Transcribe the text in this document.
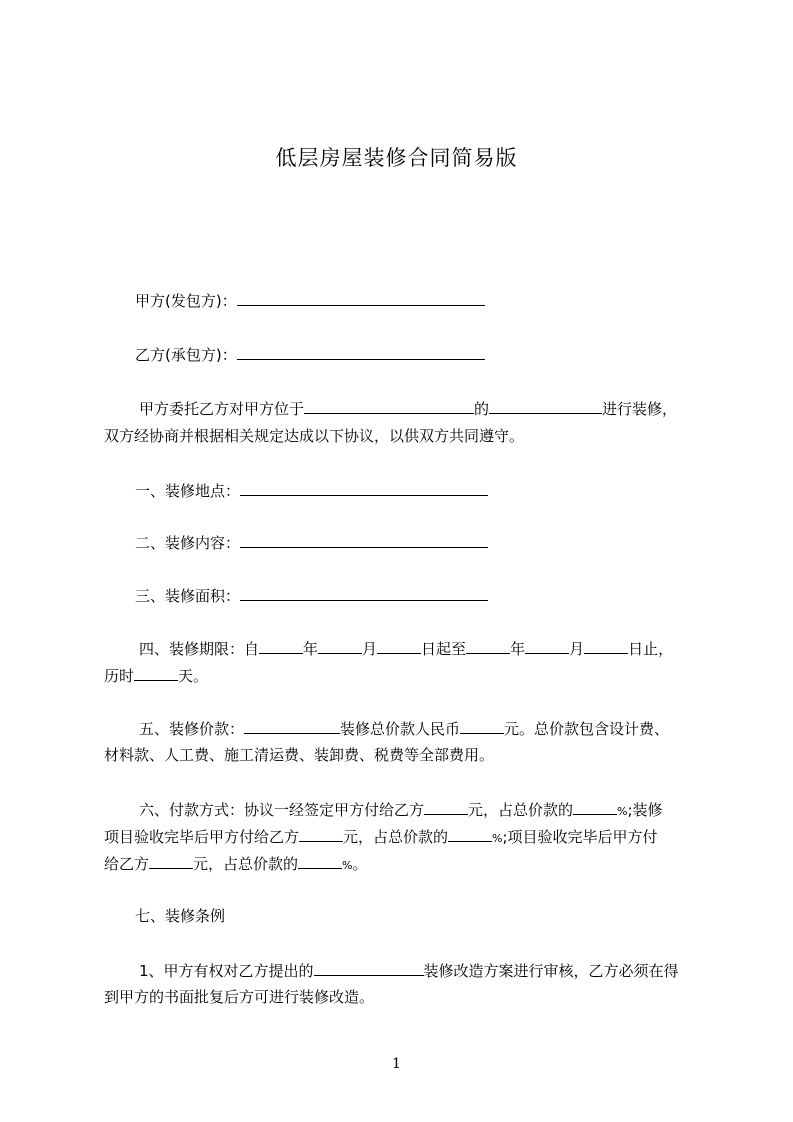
低层房屋装修合同简易版
甲方(发包方)：
乙方(承包方)：
甲方委托乙方对甲方位于	的	进行装修，
双方经协商并根据相关规定达成以下协议，以供双方共同遵守。
一、装修地点：
二、装修内容：
三、装修面积：
四、装修期限：自	年	月	日起至	年	月	日止，
历时	天。
五、装修价款：	装修总价款人民币	元。总价款包含设计费、
材料款、人工费、施工清运费、装卸费、税费等全部费用。
六、付款方式：协议一经签定甲方付给乙方	元，占总价款的	%;装修
项目验收完毕后甲方付给乙方	元，占总价款的	%;项目验收完毕后甲方付
给乙方	元，占总价款的	%。
七、装修条例
1、甲方有权对乙方提出的	装修改造方案进行审核，乙方必须在得
到甲方的书面批复后方可进行装修改造。
1
